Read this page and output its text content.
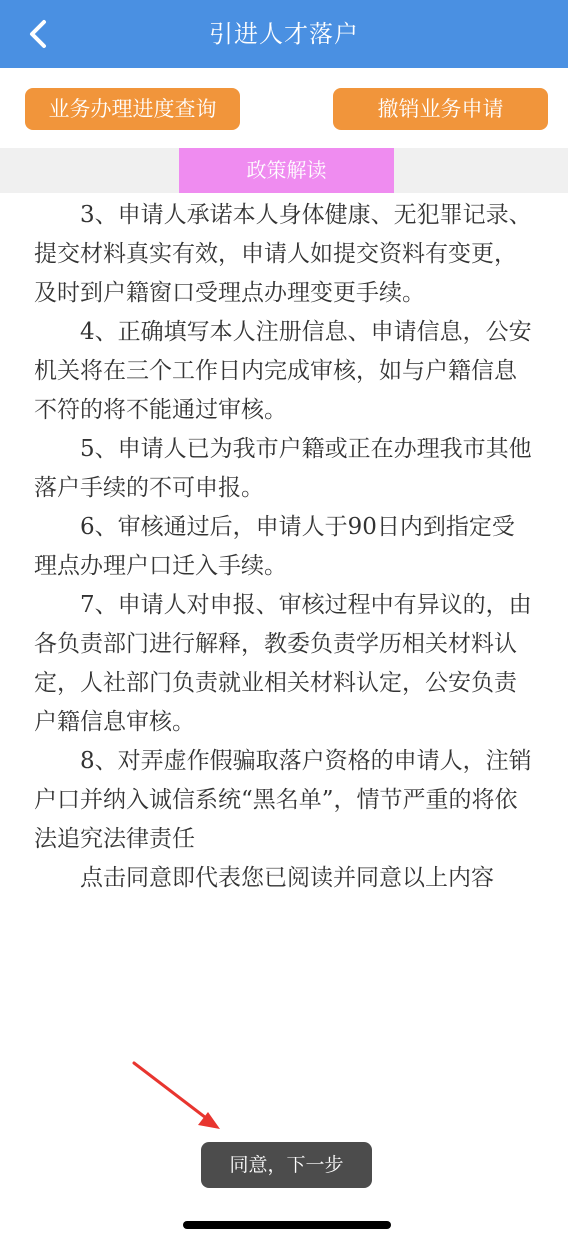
引进人才落户
业务办理进度查询	撤销业务申请
政策解读

3、申请人承诺本人身体健康、无犯罪记录、提交材料真实有效，申请人如提交资料有变更，及时到户籍窗口受理点办理变更手续。

4、正确填写本人注册信息、申请信息，公安机关将在三个工作日内完成审核，如与户籍信息不符的将不能通过审核。

5、申请人已为我市户籍或正在办理我市其他落户手续的不可申报。

6、审核通过后，申请人于90日内到指定受理点办理户口迁入手续。

7、申请人对申报、审核过程中有异议的，由各负责部门进行解释，教委负责学历相关材料认定，人社部门负责就业相关材料认定，公安负责户籍信息审核。

8、对弄虚作假骗取落户资格的申请人，注销户口并纳入诚信系统“黑名单”，情节严重的将依法追究法律责任

点击同意即代表您已阅读并同意以上内容

同意，下一步
